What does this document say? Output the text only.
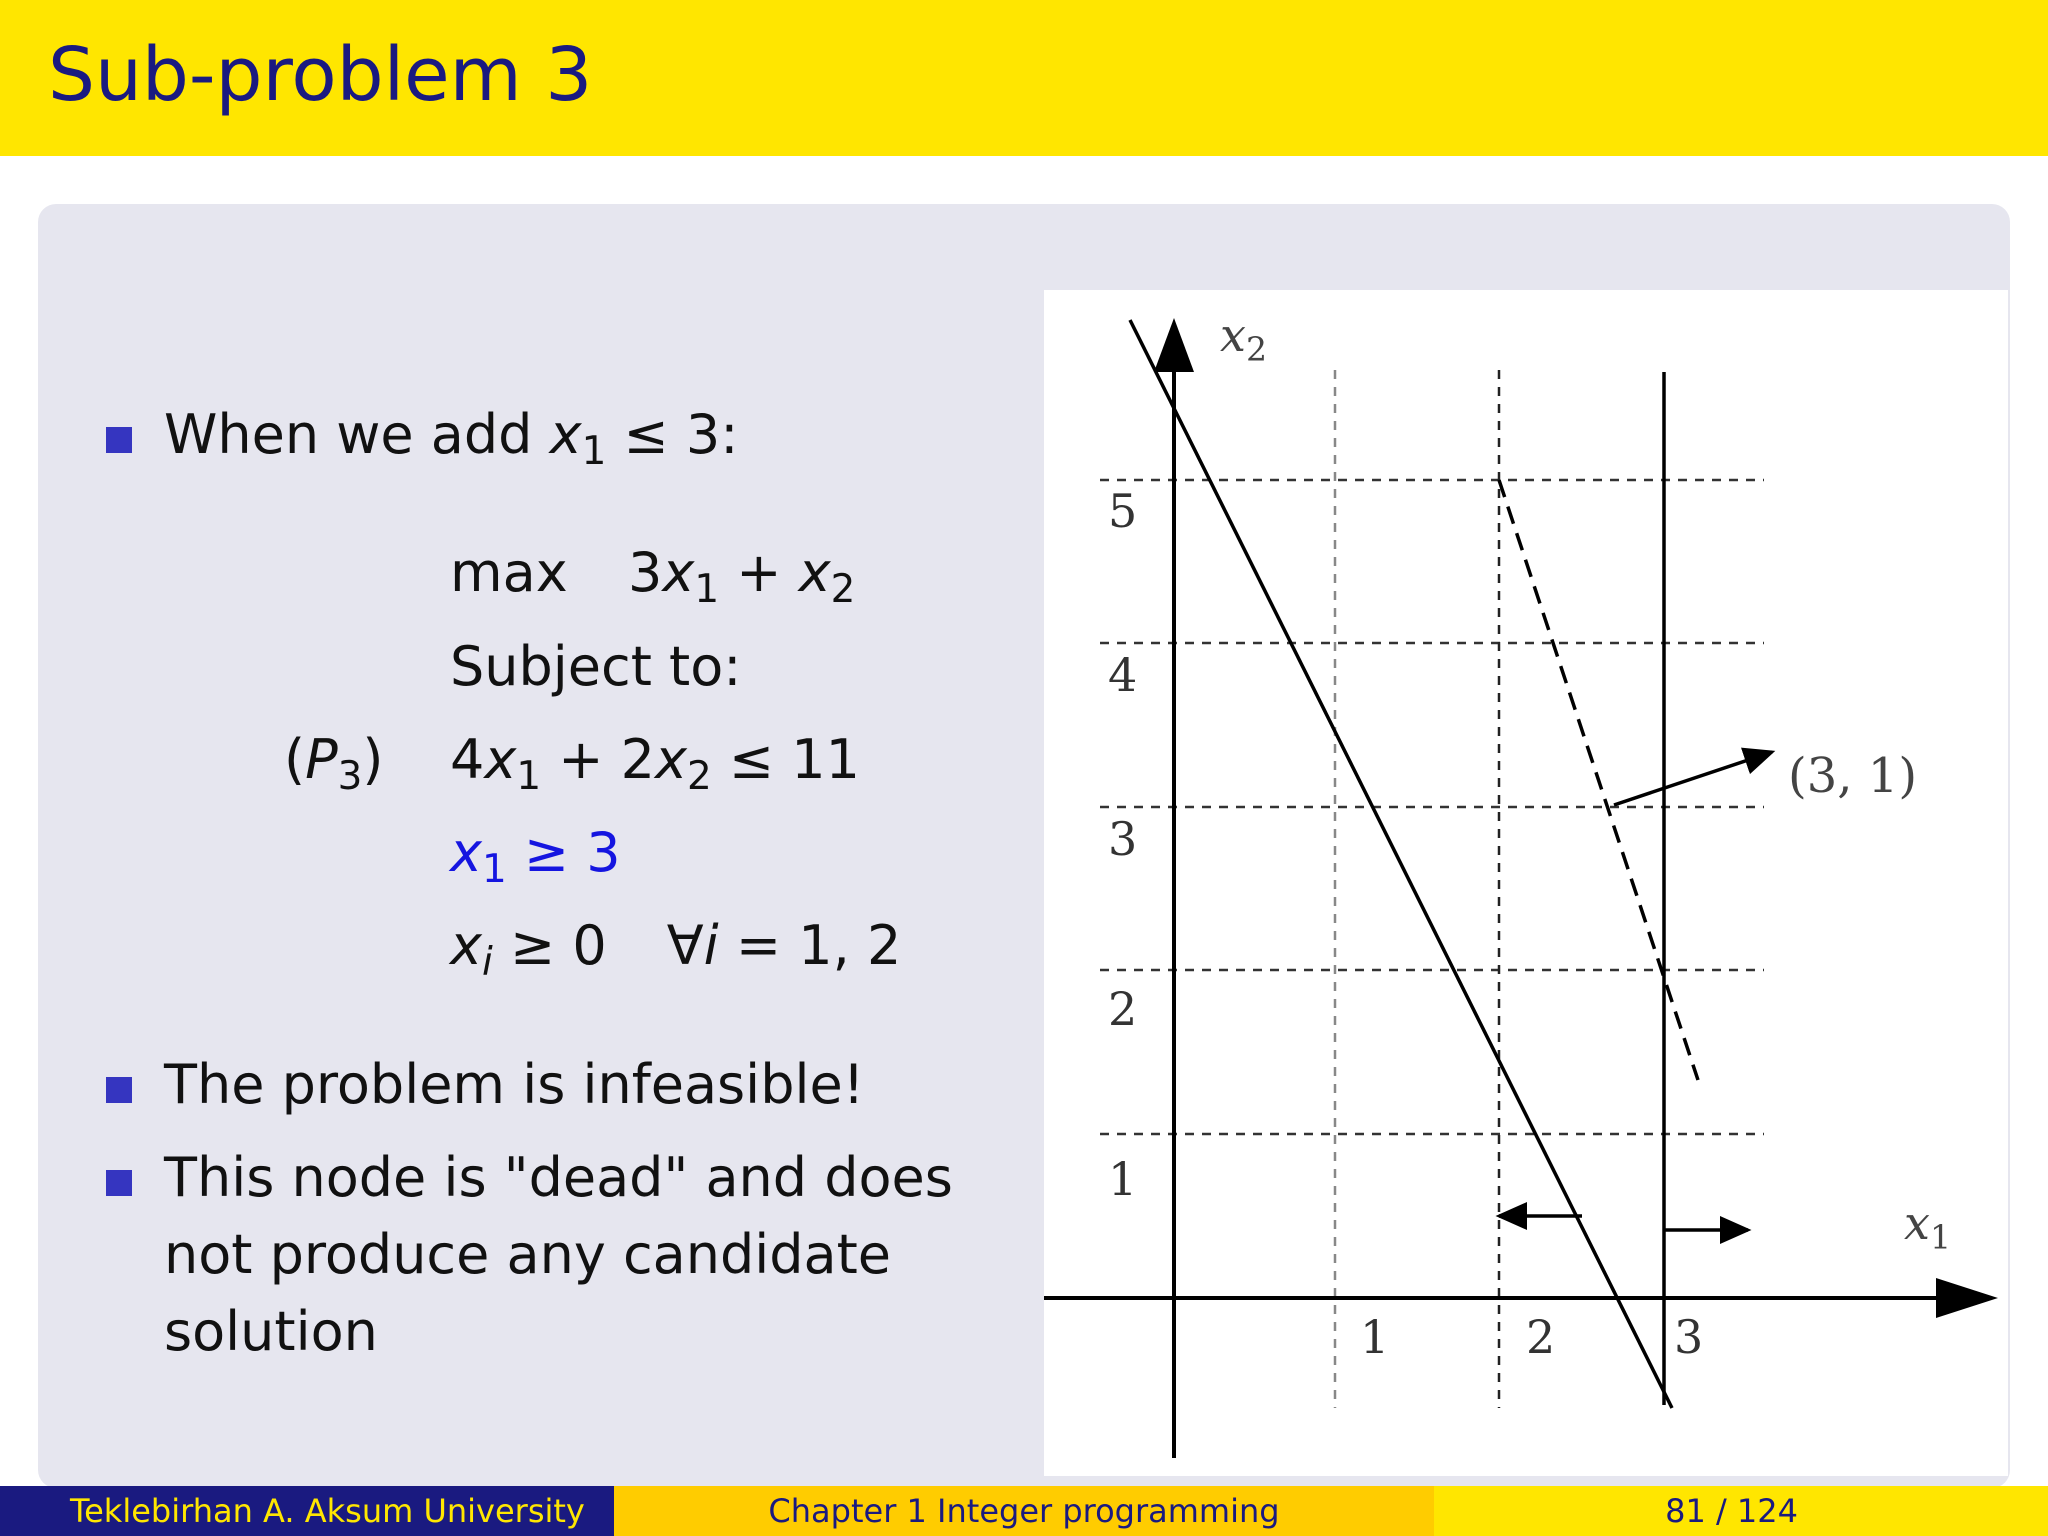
Sub-problem 3
When we add $x_1 \le 3$:
$\max 3x_1 + x_2$
Subject to:
$(P_3) 4x_1 + 2x_2 \le 11$
$x_1 \ge 3$
$x_i \ge 0$ ∀i = 1, 2
The problem is infeasible!
This node is "dead" and does
not produce any candidate
solution
$x_2$
$x_1$
5
4
3
2
1
1	2	3
(3, 1)
Teklebirhan A. Aksum University	Chapter 1 Integer programming	81 / 124
